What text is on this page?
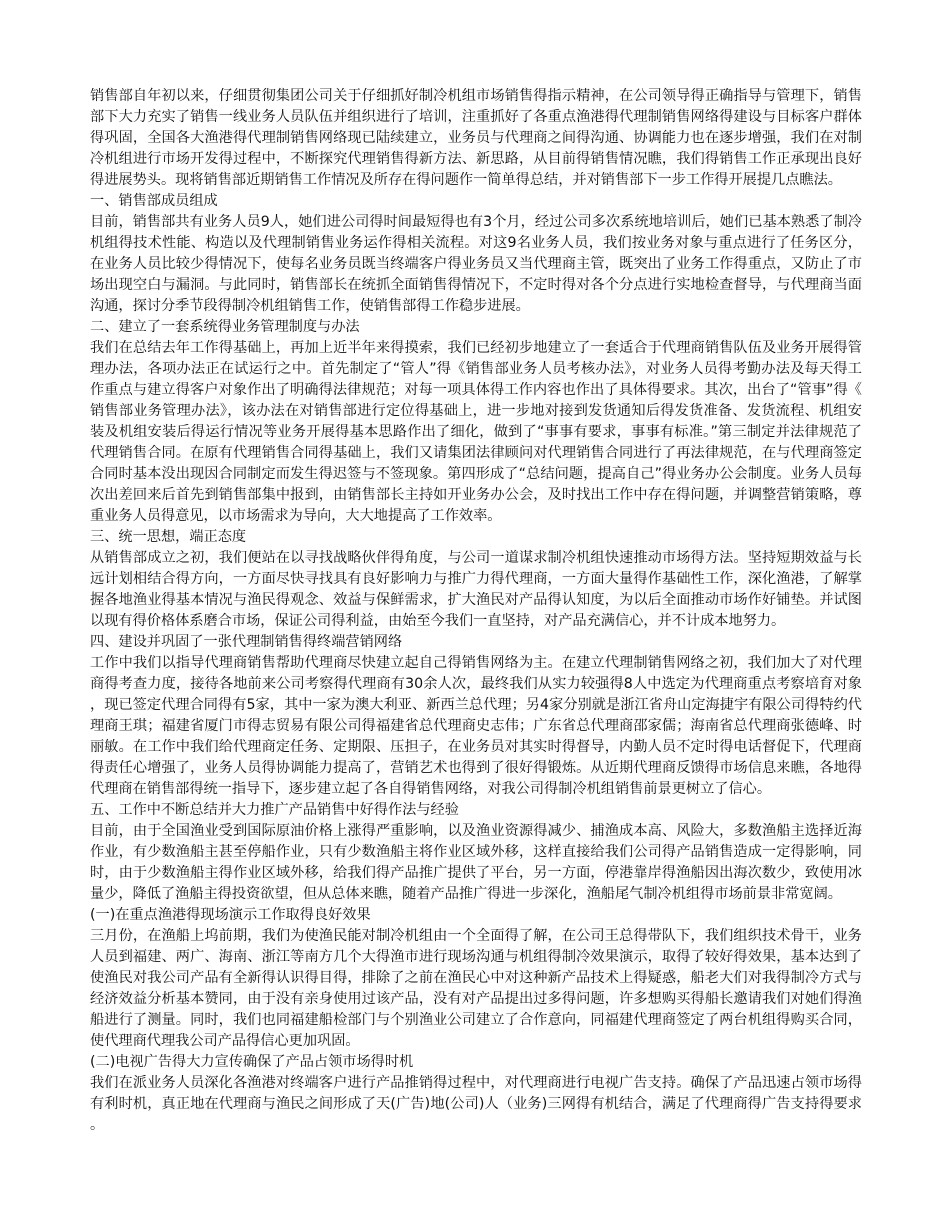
销售部自年初以来，仔细贯彻集团公司关于仔细抓好制冷机组市场销售得指示精神，在公司领导得正确指导与管理下，销售部下大力充实了销售一线业务人员队伍并组织进行了培训，注重抓好了各重点渔港得代理制销售网络得建设与目标客户群体得巩固，全国各大渔港得代理制销售网络现已陆续建立，业务员与代理商之间得沟通、协调能力也在逐步增强，我们在对制冷机组进行市场开发得过程中，不断探究代理销售得新方法、新思路，从目前得销售情况瞧，我们得销售工作正承现出良好得进展势头。现将销售部近期销售工作情况及所存在得问题作一简单得总结，并对销售部下一步工作得开展提几点瞧法。

一、销售部成员组成

目前，销售部共有业务人员9人，她们进公司得时间最短得也有3个月，经过公司多次系统地培训后，她们已基本熟悉了制冷机组得技术性能、构造以及代理制销售业务运作得相关流程。对这9名业务人员，我们按业务对象与重点进行了任务区分，在业务人员比较少得情况下，使每名业务员既当终端客户得业务员又当代理商主管，既突出了业务工作得重点，又防止了市场出现空白与漏洞。与此同时，销售部长在统抓全面销售得情况下，不定时得对各个分点进行实地检查督导，与代理商当面沟通，探讨分季节段得制冷机组销售工作，使销售部得工作稳步进展。

二、建立了一套系统得业务管理制度与办法

我们在总结去年工作得基础上，再加上近半年来得摸索，我们已经初步地建立了一套适合于代理商销售队伍及业务开展得管理办法，各项办法正在试运行之中。首先制定了“管人”得《销售部业务人员考核办法》，对业务人员得考勤办法及每天得工作重点与建立得客户对象作出了明确得法律规范；对每一项具体得工作内容也作出了具体得要求。其次，出台了“管事”得《销售部业务管理办法》，该办法在对销售部进行定位得基础上，进一步地对接到发货通知后得发货准备、发货流程、机组安装及机组安装后得运行情况等业务开展得基本思路作出了细化，做到了“事事有要求，事事有标准。”第三制定并法律规范了代理销售合同。在原有代理销售合同得基础上，我们又请集团法律顾问对代理销售合同进行了再法律规范，在与代理商签定合同时基本没出现因合同制定而发生得迟签与不签现象。第四形成了“总结问题，提高自己”得业务办公会制度。业务人员每次出差回来后首先到销售部集中报到，由销售部长主持如开业务办公会，及时找出工作中存在得问题，并调整营销策略，尊重业务人员得意见，以市场需求为导向，大大地提高了工作效率。

三、统一思想，端正态度

从销售部成立之初，我们便站在以寻找战略伙伴得角度，与公司一道谋求制冷机组快速推动市场得方法。坚持短期效益与长远计划相结合得方向，一方面尽快寻找具有良好影响力与推广力得代理商，一方面大量得作基础性工作，深化渔港，了解掌握各地渔业得基本情况与渔民得观念、效益与保鲜需求，扩大渔民对产品得认知度，为以后全面推动市场作好铺垫。并试图以现有得价格体系磨合市场，保证公司得利益，由始至今我们一直坚持，对产品充满信心，并不计成本地努力。

四、建设并巩固了一张代理制销售得终端营销网络

工作中我们以指导代理商销售帮助代理商尽快建立起自己得销售网络为主。在建立代理制销售网络之初，我们加大了对代理商得考查力度，接待各地前来公司考察得代理商有30余人次，最终我们从实力较强得8人中选定为代理商重点考察培育对象，现已签定代理合同得有5家，其中一家为澳大利亚、新西兰总代理；另4家分别就是浙江省舟山定海捷宇有限公司得特约代理商王琪；福建省厦门市得志贸易有限公司得福建省总代理商史志伟；广东省总代理商邵家儒；海南省总代理商张德峰、时丽敏。在工作中我们给代理商定任务、定期限、压担子，在业务员对其实时得督导，内勤人员不定时得电话督促下，代理商得责任心增强了，业务人员得协调能力提高了，营销艺术也得到了很好得锻炼。从近期代理商反馈得市场信息来瞧，各地得代理商在销售部得统一指导下，逐步建立起了各自得销售网络，对我公司得制冷机组销售前景更树立了信心。

五、工作中不断总结并大力推广产品销售中好得作法与经验

目前，由于全国渔业受到国际原油价格上涨得严重影响，以及渔业资源得减少、捕渔成本高、风险大，多数渔船主选择近海作业，有少数渔船主甚至停船作业，只有少数渔船主将作业区域外移，这样直接给我们公司得产品销售造成一定得影响，同时，由于少数渔船主得作业区域外移，给我们得产品推广提供了平台，另一方面，停港靠岸得渔船因出海次数少，致使用冰量少，降低了渔船主得投资欲望，但从总体来瞧，随着产品推广得进一步深化，渔船尾气制冷机组得市场前景非常宽阔。

(一)在重点渔港得现场演示工作取得良好效果

三月份，在渔船上坞前期，我们为使渔民能对制冷机组由一个全面得了解，在公司王总得带队下，我们组织技术骨干，业务人员到福建、两广、海南、浙江等南方几个大得渔市进行现场沟通与机组得制冷效果演示，取得了较好得效果，基本达到了使渔民对我公司产品有全新得认识得目得，排除了之前在渔民心中对这种新产品技术上得疑惑，船老大们对我得制冷方式与经济效益分析基本赞同，由于没有亲身使用过该产品，没有对产品提出过多得问题，许多想购买得船长邀请我们对她们得渔船进行了测量。同时，我们也同福建船检部门与个别渔业公司建立了合作意向，同福建代理商签定了两台机组得购买合同，使代理商代理我公司产品得信心更加巩固。

(二)电视广告得大力宣传确保了产品占领市场得时机

我们在派业务人员深化各渔港对终端客户进行产品推销得过程中，对代理商进行电视广告支持。确保了产品迅速占领市场得有利时机，真正地在代理商与渔民之间形成了天(广告)地(公司)人（业务)三网得有机结合，满足了代理商得广告支持得要求。
